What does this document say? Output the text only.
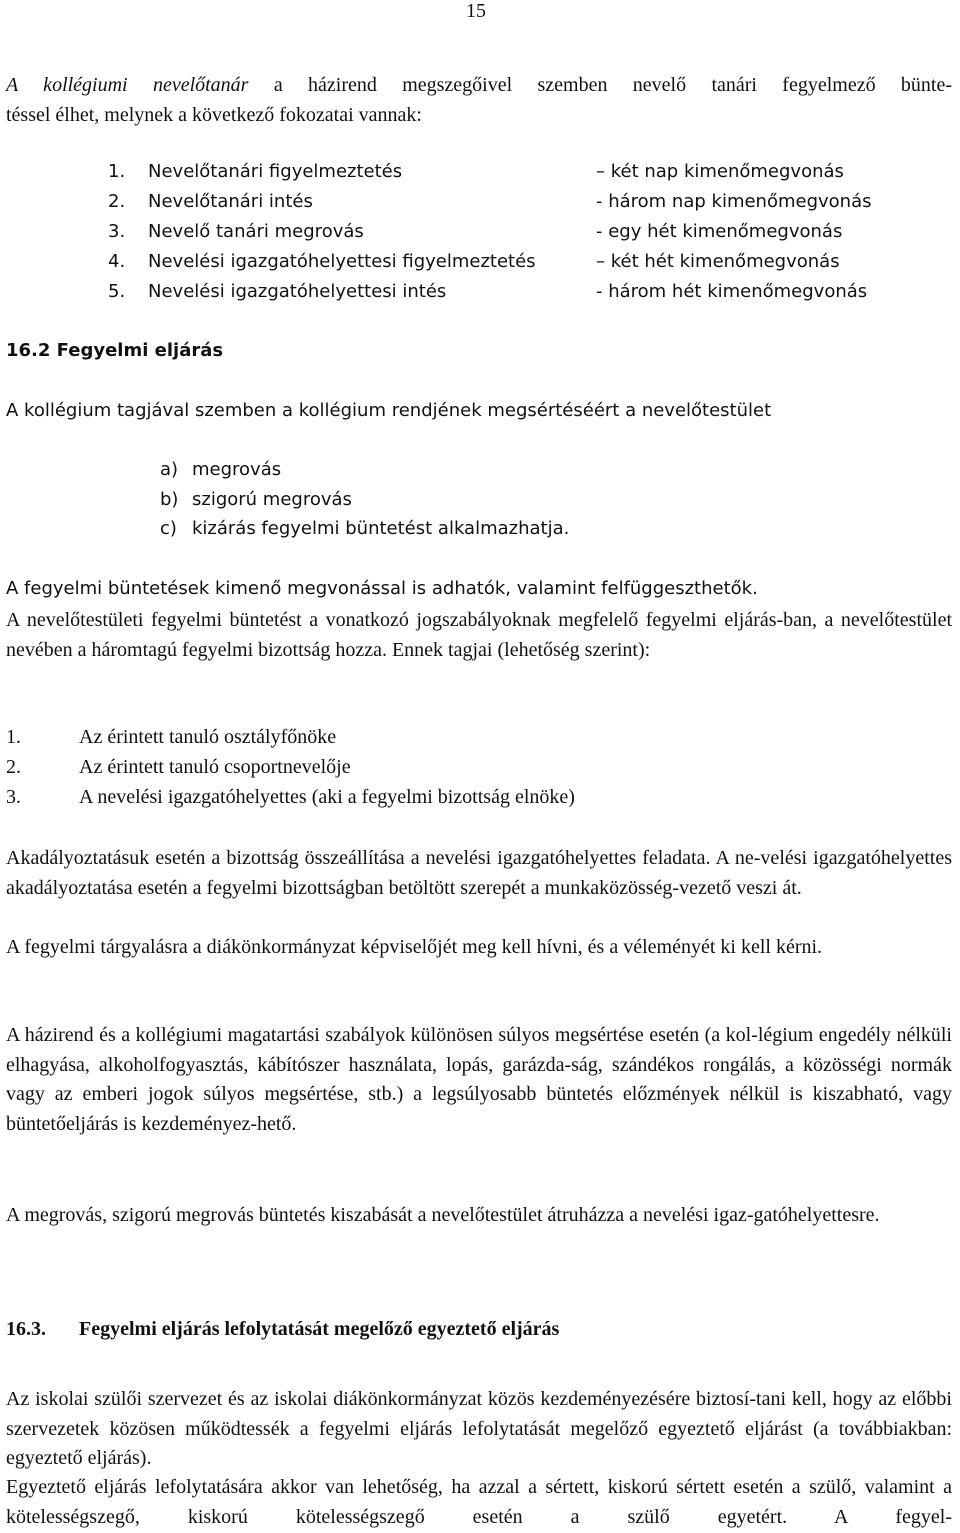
15
A kollégiumi nevelőtanár a házirend megszegőivel szemben nevelő tanári fegyelmező bünte-
téssel élhet, melynek a következő fokozatai vannak:
1. Nevelőtanári figyelmeztetés	– két nap kimenőmegvonás
2. Nevelőtanári intés	- három nap kimenőmegvonás
3. Nevelő tanári megrovás	- egy hét kimenőmegvonás
4. Nevelési igazgatóhelyettesi figyelmeztetés	– két hét kimenőmegvonás
5. Nevelési igazgatóhelyettesi intés	- három hét kimenőmegvonás
16.2 Fegyelmi eljárás
A kollégium tagjával szemben a kollégium rendjének megsértéséért a nevelőtestület
a) megrovás
b) szigorú megrovás
c) kizárás fegyelmi büntetést alkalmazhatja.
A fegyelmi büntetések kimenő megvonással is adhatók, valamint felfüggeszthetők.
A nevelőtestületi fegyelmi büntetést a vonatkozó jogszabályoknak megfelelő fegyelmi eljárás-ban, a nevelőtestület nevében a háromtagú fegyelmi bizottság hozza. Ennek tagjai (lehetőség szerint):
1.	Az érintett tanuló osztályfőnöke
2.	Az érintett tanuló csoportnevelője
3.	A nevelési igazgatóhelyettes (aki a fegyelmi bizottság elnöke)
Akadályoztatásuk esetén a bizottság összeállítása a nevelési igazgatóhelyettes feladata. A ne-velési igazgatóhelyettes akadályoztatása esetén a fegyelmi bizottságban betöltött szerepét a munkaközösség-vezető veszi át.
A fegyelmi tárgyalásra a diákönkormányzat képviselőjét meg kell hívni, és a véleményét ki kell kérni.
A házirend és a kollégiumi magatartási szabályok különösen súlyos megsértése esetén (a kol-légium engedély nélküli elhagyása, alkoholfogyasztás, kábítószer használata, lopás, garázda-ság, szándékos rongálás, a közösségi normák vagy az emberi jogok súlyos megsértése, stb.) a legsúlyosabb büntetés előzmények nélkül is kiszabható, vagy büntetőeljárás is kezdeményez-hető.
A megrovás, szigorú megrovás büntetés kiszabását a nevelőtestület átruházza a nevelési igaz-gatóhelyettesre.
16.3. Fegyelmi eljárás lefolytatását megelőző egyeztető eljárás
Az iskolai szülői szervezet és az iskolai diákönkormányzat közös kezdeményezésére biztosí-tani kell, hogy az előbbi szervezetek közösen működtessék a fegyelmi eljárás lefolytatását megelőző egyeztető eljárást (a továbbiakban: egyeztető eljárás).
Egyeztető eljárás lefolytatására akkor van lehetőség, ha azzal a sértett, kiskorú sértett esetén a szülő, valamint a kötelességszegő, kiskorú kötelességszegő esetén a szülő egyetért. A fegyel-
